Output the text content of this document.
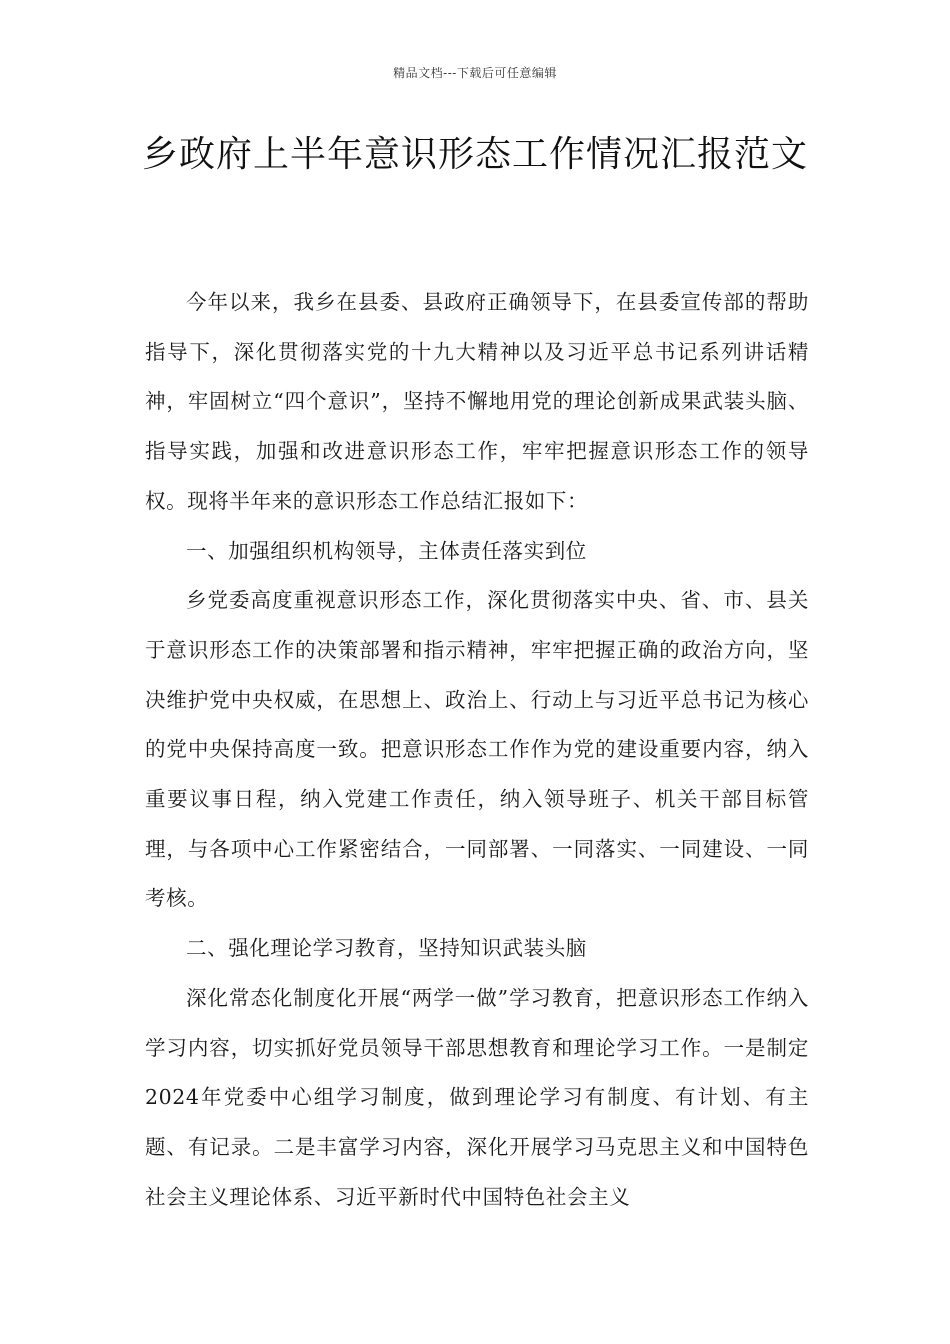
精品文档---下载后可任意编辑
乡政府上半年意识形态工作情况汇报范文

今年以来，我乡在县委、县政府正确领导下，在县委宣传部的帮助指导下，深化贯彻落实党的十九大精神以及习近平总书记系列讲话精神，牢固树立“四个意识”，坚持不懈地用党的理论创新成果武装头脑、指导实践，加强和改进意识形态工作，牢牢把握意识形态工作的领导权。现将半年来的意识形态工作总结汇报如下：

一、加强组织机构领导，主体责任落实到位

乡党委高度重视意识形态工作，深化贯彻落实中央、省、市、县关于意识形态工作的决策部署和指示精神，牢牢把握正确的政治方向，坚决维护党中央权威，在思想上、政治上、行动上与习近平总书记为核心的党中央保持高度一致。把意识形态工作作为党的建设重要内容，纳入重要议事日程，纳入党建工作责任，纳入领导班子、机关干部目标管理，与各项中心工作紧密结合，一同部署、一同落实、一同建设、一同考核。

二、强化理论学习教育，坚持知识武装头脑

深化常态化制度化开展“两学一做”学习教育，把意识形态工作纳入学习内容，切实抓好党员领导干部思想教育和理论学习工作。一是制定2024年党委中心组学习制度，做到理论学习有制度、有计划、有主题、有记录。二是丰富学习内容，深化开展学习马克思主义和中国特色社会主义理论体系、习近平新时代中国特色社会主义
